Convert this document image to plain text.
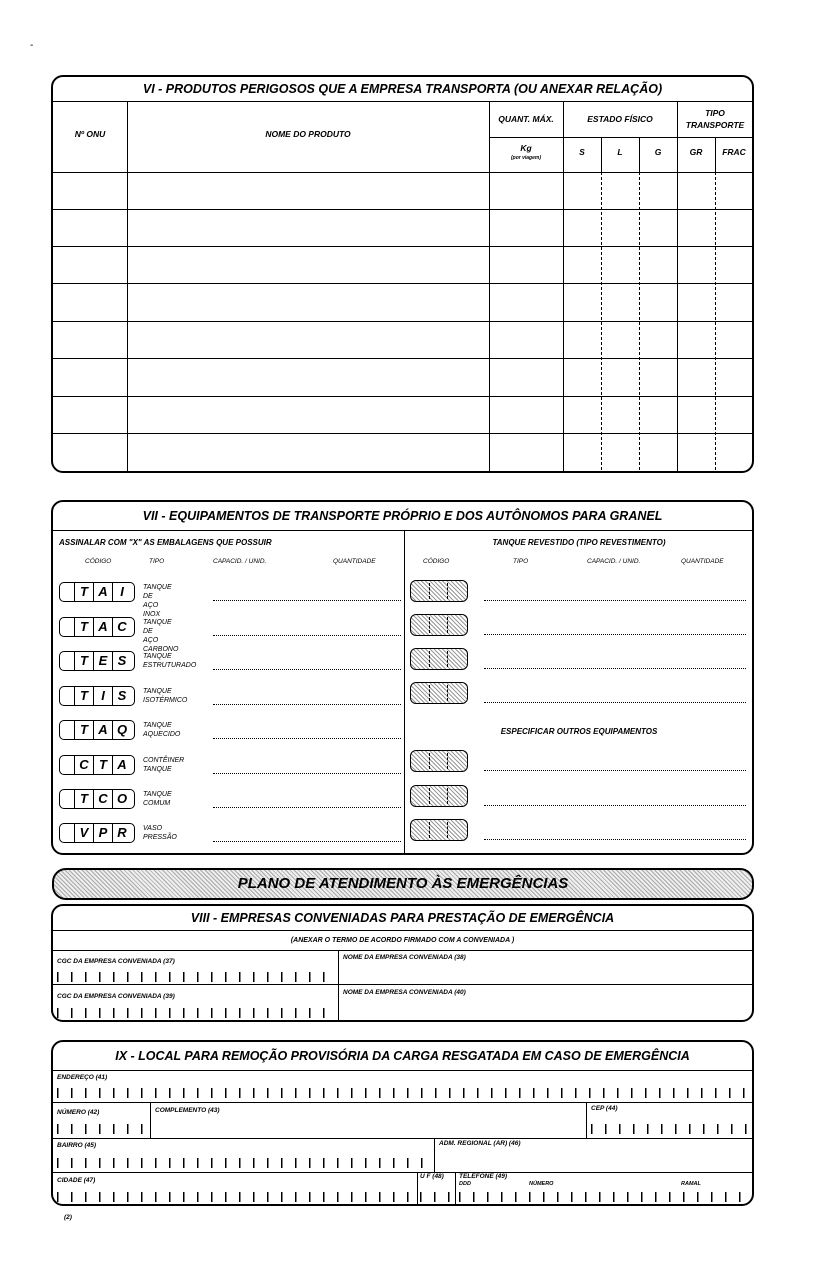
-
VI - PRODUTOS PERIGOSOS QUE A EMPRESA TRANSPORTA (OU ANEXAR RELAÇÃO)
Nº ONU	NOME DO PRODUTO
QUANT. MÁX.
Kg
(por viagem)
ESTADO FÍSICO
S	L	G
TIPO TRANSPORTE
GR	FRAC
VII - EQUIPAMENTOS DE TRANSPORTE PRÓPRIO E DOS AUTÔNOMOS PARA GRANEL
ASSINALAR COM "X" AS EMBALAGENS QUE POSSUIR
CÓDIGO	TIPO	CAPACID. / UNID.	QUANTIDADE
TANQUE REVESTIDO (TIPO REVESTIMENTO)
CÓDIGO	TIPO	CAPACID. / UNID.	QUANTIDADE
T A I	TANQUE DE
AÇO INOX
T A C	TANQUE DE
AÇO CARBONO
T E S	TANQUE
ESTRUTURADO
T	I S	TANQUE
ISOTÉRMICO
T A Q	TANQUE
AQUECIDO
C T A	CONTÊINER
TANQUE
T C O	TANQUE
COMUM
V P R	VASO
PRESSÃO
ESPECIFICAR OUTROS EQUIPAMENTOS
PLANO DE ATENDIMENTO ÀS EMERGÊNCIAS
VIII - EMPRESAS CONVENIADAS PARA PRESTAÇÃO DE EMERGÊNCIA
(ANEXAR O TERMO DE ACORDO FIRMADO COM A CONVENIADA )
CGC DA EMPRESA CONVENIADA (37)
NOME DA EMPRESA CONVENIADA (38)
CGC DA EMPRESA CONVENIADA (39)
NOME DA EMPRESA CONVENIADA (40)
IX - LOCAL PARA REMOÇÃO PROVISÓRIA DA CARGA RESGATADA EM CASO DE EMERGÊNCIA
ENDEREÇO (41)
NÚMERO (42)	COMPLEMENTO (43)	CEP (44)
BAIRRO (45)	ADM. REGIONAL (AR) (46)
CIDADE (47)
U F (48) TELEFONE (49)
DDD	NÚMERO	RAMAL
(2)
